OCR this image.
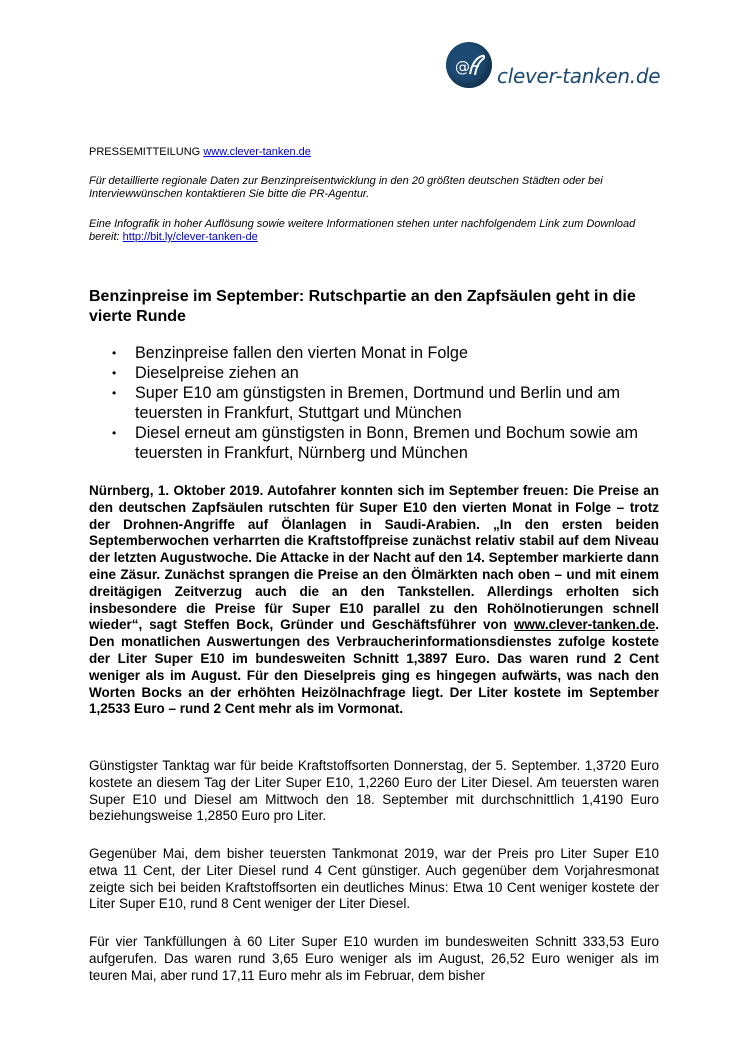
@ clever-tanken.de
PRESSEMITTEILUNG www.clever-tanken.de
Für detaillierte regionale Daten zur Benzinpreisentwicklung in den 20 größten deutschen Städten oder bei Interviewwünschen kontaktieren Sie bitte die PR-Agentur.
Eine Infografik in hoher Auflösung sowie weitere Informationen stehen unter nachfolgendem Link zum Download bereit: http://bit.ly/clever-tanken-de
Benzinpreise im September: Rutschpartie an den Zapfsäulen geht in die vierte Runde
• Benzinpreise fallen den vierten Monat in Folge
• Dieselpreise ziehen an
• Super E10 am günstigsten in Bremen, Dortmund und Berlin und am teuersten in Frankfurt, Stuttgart und München
• Diesel erneut am günstigsten in Bonn, Bremen und Bochum sowie am teuersten in Frankfurt, Nürnberg und München
Nürnberg, 1. Oktober 2019. Autofahrer konnten sich im September freuen: Die Preise an den deutschen Zapfsäulen rutschten für Super E10 den vierten Monat in Folge – trotz der Drohnen-Angriffe auf Ölanlagen in Saudi-Arabien. „In den ersten beiden Septemberwochen verharrten die Kraftstoffpreise zunächst relativ stabil auf dem Niveau der letzten Augustwoche. Die Attacke in der Nacht auf den 14. September markierte dann eine Zäsur. Zunächst sprangen die Preise an den Ölmärkten nach oben – und mit einem dreitägigen Zeitverzug auch die an den Tankstellen. Allerdings erholten sich insbesondere die Preise für Super E10 parallel zu den Rohölnotierungen schnell wieder“, sagt Steffen Bock, Gründer und Geschäftsführer von www.clever-tanken.de. Den monatlichen Auswertungen des Verbraucherinformationsdienstes zufolge kostete der Liter Super E10 im bundesweiten Schnitt 1,3897 Euro. Das waren rund 2 Cent weniger als im August. Für den Dieselpreis ging es hingegen aufwärts, was nach den Worten Bocks an der erhöhten Heizölnachfrage liegt. Der Liter kostete im September 1,2533 Euro – rund 2 Cent mehr als im Vormonat.
Günstigster Tanktag war für beide Kraftstoffsorten Donnerstag, der 5. September. 1,3720 Euro kostete an diesem Tag der Liter Super E10, 1,2260 Euro der Liter Diesel. Am teuersten waren Super E10 und Diesel am Mittwoch den 18. September mit durchschnittlich 1,4190 Euro beziehungsweise 1,2850 Euro pro Liter.
Gegenüber Mai, dem bisher teuersten Tankmonat 2019, war der Preis pro Liter Super E10 etwa 11 Cent, der Liter Diesel rund 4 Cent günstiger. Auch gegenüber dem Vorjahresmonat zeigte sich bei beiden Kraftstoffsorten ein deutliches Minus: Etwa 10 Cent weniger kostete der Liter Super E10, rund 8 Cent weniger der Liter Diesel.
Für vier Tankfüllungen à 60 Liter Super E10 wurden im bundesweiten Schnitt 333,53 Euro aufgerufen. Das waren rund 3,65 Euro weniger als im August, 26,52 Euro weniger als im teuren Mai, aber rund 17,11 Euro mehr als im Februar, dem bisher
